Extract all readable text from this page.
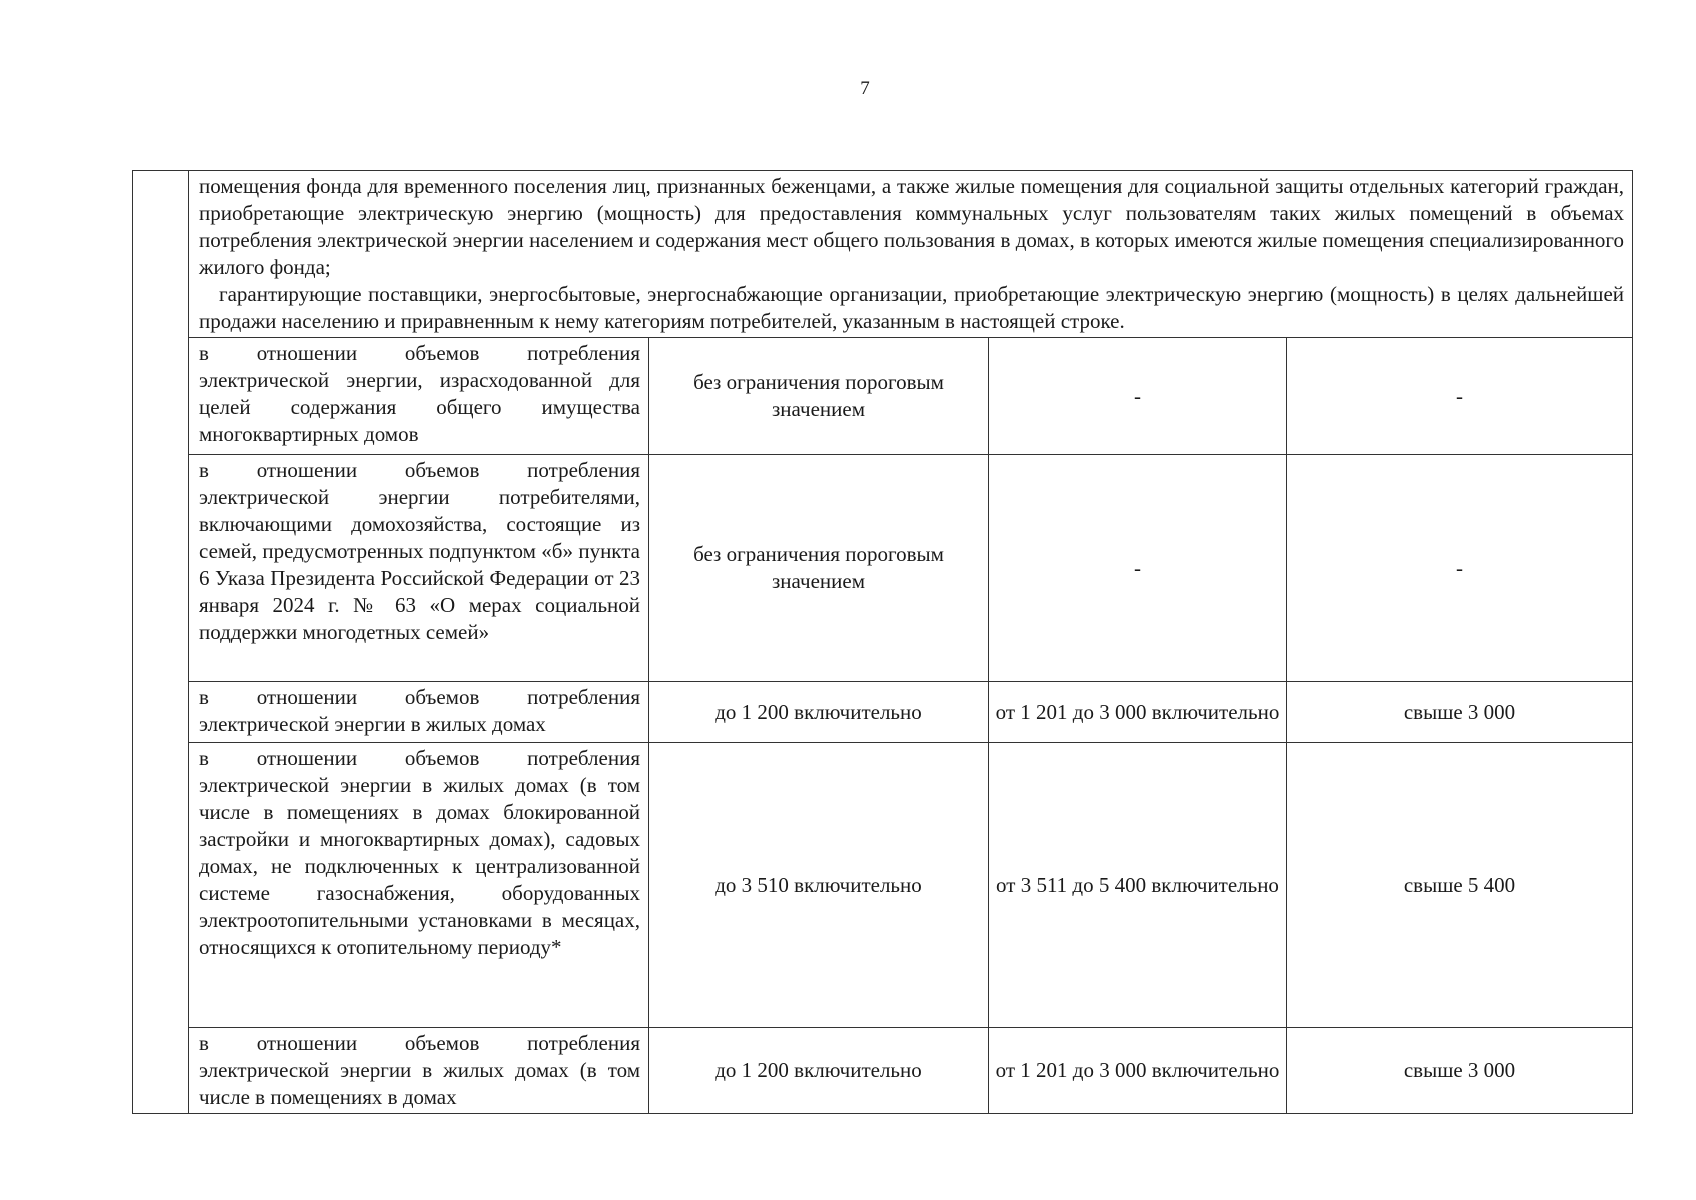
7

	помещения фонда для временного поселения лиц, признанных беженцами, а также жилые помещения для социальной защиты отдельных категорий граждан, приобретающие электрическую энергию (мощность) для предоставления коммунальных услуг пользователям таких жилых помещений в объемах потребления электрической энергии населением и содержания мест общего пользования в домах, в которых имеются жилые помещения специализированного жилого фонда;

гарантирующие поставщики, энергосбытовые, энергоснабжающие организации, приобретающие электрическую энергию (мощность) в целях дальнейшей продажи населению и приравненным к нему категориям потребителей, указанным в настоящей строке.			

	в отношении объемов потребления электрической энергии, израсходованной для целей содержания общего имущества многоквартирных домов	без ограничения пороговым значением	-	-
	в отношении объемов потребления электрической энергии потребителями, включающими домохозяйства, состоящие из семей, предусмотренных подпунктом «б» пункта 6 Указа Президента Российской Федерации от 23 января 2024 г. № 63 «О мерах социальной поддержки многодетных семей»	без ограничения пороговым значением	-	-
	в отношении объемов потребления электрической энергии в жилых домах	до 1 200 включительно	от 1 201 до 3 000 включительно	свыше 3 000
	в отношении объемов потребления электрической энергии в жилых домах (в том числе в помещениях в домах блокированной застройки и многоквартирных домах), садовых домах, не подключенных к централизованной системе газоснабжения, оборудованных электроотопительными установками в месяцах, относящихся к отопительному периоду*	до 3 510 включительно	от 3 511 до 5 400 включительно	свыше 5 400
	в отношении объемов потребления электрической энергии в жилых домах (в том числе в помещениях в домах	до 1 200 включительно	от 1 201 до 3 000 включительно	свыше 3 000
